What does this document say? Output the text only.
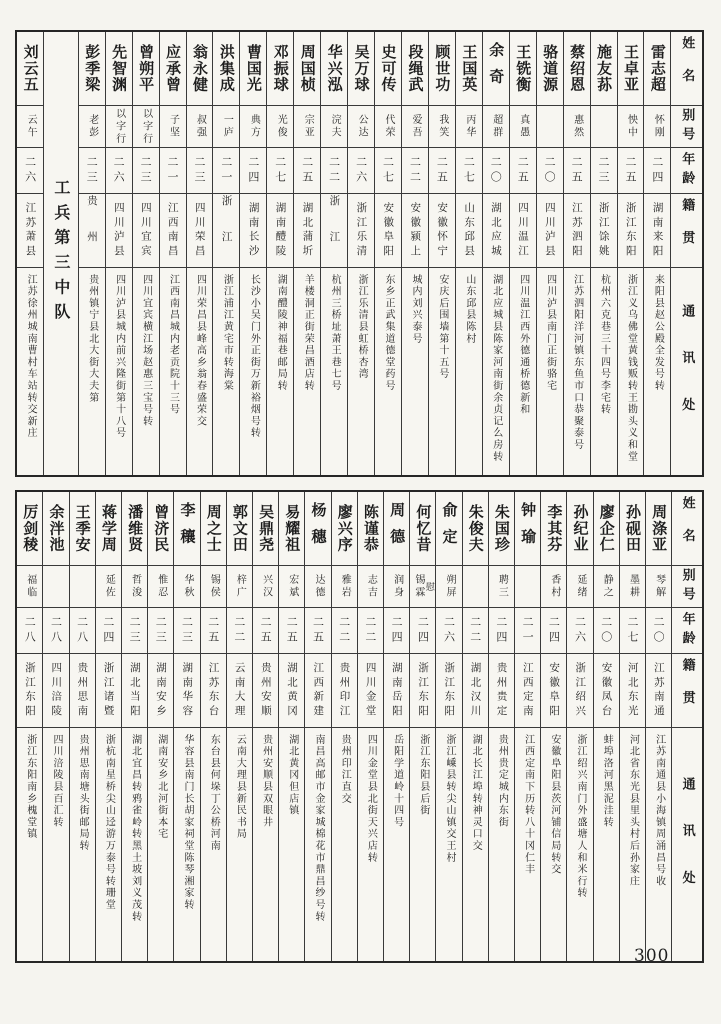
姓名
别号
年龄
籍贯
通讯处
雷志超
怀刚
二四
湖南来阳
来阳县赵公殿全发号转
王卓亚
怏中
二五
浙江东阳
浙江义乌佛堂黄钱贩转王勘头义和堂
施友荪
二三
浙江馀姚
杭州六克巷三十四号李宅转
蔡绍恩
惠然
二五
江苏泗阳
江苏泗阳洋河镇东鱼市口恭聚泰号
骆道源
二〇
四川泸县
四川泸县南门正街骆宅
王铣衡
真愚
二五
四川温江
四川温江西外德通桥德新和
余奇
超群
二〇
湖北应城
湖北应城县陈家河南街余贞记么房转
王国英
丙华
二七
山东邱县
山东邱县陈村
顾世功
我笑
二五
安徽怀宁
安庆后围墙第十五号
段绳武
爱吾
二二
安徽颍上
城内刘兴泰号
史可传
代荣
二七
安徽阜阳
东乡正武集道德堂药号
吴万球
公达
二六
浙江乐清
浙江乐清县虹桥杏湾
华兴泓
浣夫
二二
浙江
杭州三桥址萧王巷七号
周国桢
宗亚
二五
湖北蒲圻
羊楼洞正街荣昌酒店转
邓振球
光俊
二七
湖南醴陵
湖南醴陵神福巷邮局转
曹国光
典方
二四
湖南长沙
长沙小吴门外正街万新裕烟号转
洪集成
一庐
二一
浙江
浙江浦江黄宅市转海棠
翁永健
叔强
二三
四川荣昌
四川荣昌县峰高乡翁春盛荣交
应承曾
子坚
二一
江西南昌
江西南昌城内老贡院十三号
曾朔平
以字行
二三
四川宜宾
四川宜宾横江场赵惠三宝号转
先智渊
以字行
二六
四川泸县
四川泸县城内前兴隆街第十八号
彭季梁
老彭
二三
贵州
贵州镇宁县北大街大夫第
工兵第三中队
刘云五
云午
二六
江苏萧县
江苏徐州城南曹村车站转交新庄
姓名
别号
年龄
籍贯
通讯处
周涤亚
琴解
二〇
江苏南通
江苏南通县小海镇周涌昌号收
孙砚田
墨耕
二七
河北东光
河北省东光县里头村后孙家庄
廖企仁
静之
二〇
安徽凤台
蚌埠洛河黑泥洼转
孙纪业
延绪
二六
浙江绍兴
浙江绍兴南门外盛塘人和米行转
李其芬
香村
二四
安徽阜阳
安徽阜阳县茨河铺信局转交
钟瑜
二一
江西定南
江西定南下历转八十冈仁丰
朱国珍
聘三
二四
贵州贵定
贵州贵定城内东街
朱俊夫
二二
湖北汉川
湖北长江埠转神灵口交
俞定
朔屏
二六
浙江东阳
浙江嵊县转尖山镇交王村
何忆昔
慰
锡霖
二四
浙江东阳
浙江东阳县后街
周德
润身
二四
湖南岳阳
岳阳学道岭十四号
陈谨恭
志吉
二二
四川金堂
四川金堂县北街天兴店转
廖兴序
雅岩
二二
贵州印江
贵州印江直交
杨穗
达德
二五
江西新建
南昌高邮市金家城棉花市鼎昌纱号转
易耀祖
宏斌
二五
湖北黄冈
湖北黄冈但店镇
吴鼎尧
兴汉
二五
贵州安顺
贵州安顺县双眼井
郭文田
梓广
二二
云南大理
云南大理县新民书局
周之士
锡侯
二五
江苏东台
东台县何垛丁公桥河南
李穰
华秋
二三
湖南华容
华容县南门长胡家祠堂陈琴湘家转
曾济民
惟忍
二三
湖南安乡
湖南安乡北河街本宅
潘维贤
哲浚
二三
湖北当阳
湖北宜昌转鸦雀岭转黑土坡刘义茂转
蒋学周
延佐
二四
浙江诸暨
浙杭南星桥尖山迳游万泰号转珊堂
王季安
二八
贵州思南
贵州思南塘头街邮局转
余泮池
二八
四川涪陵
四川涪陵县百汇转
厉剑稜
福临
二八
浙江东阳
浙江东阳南乡槐堂镇
300
